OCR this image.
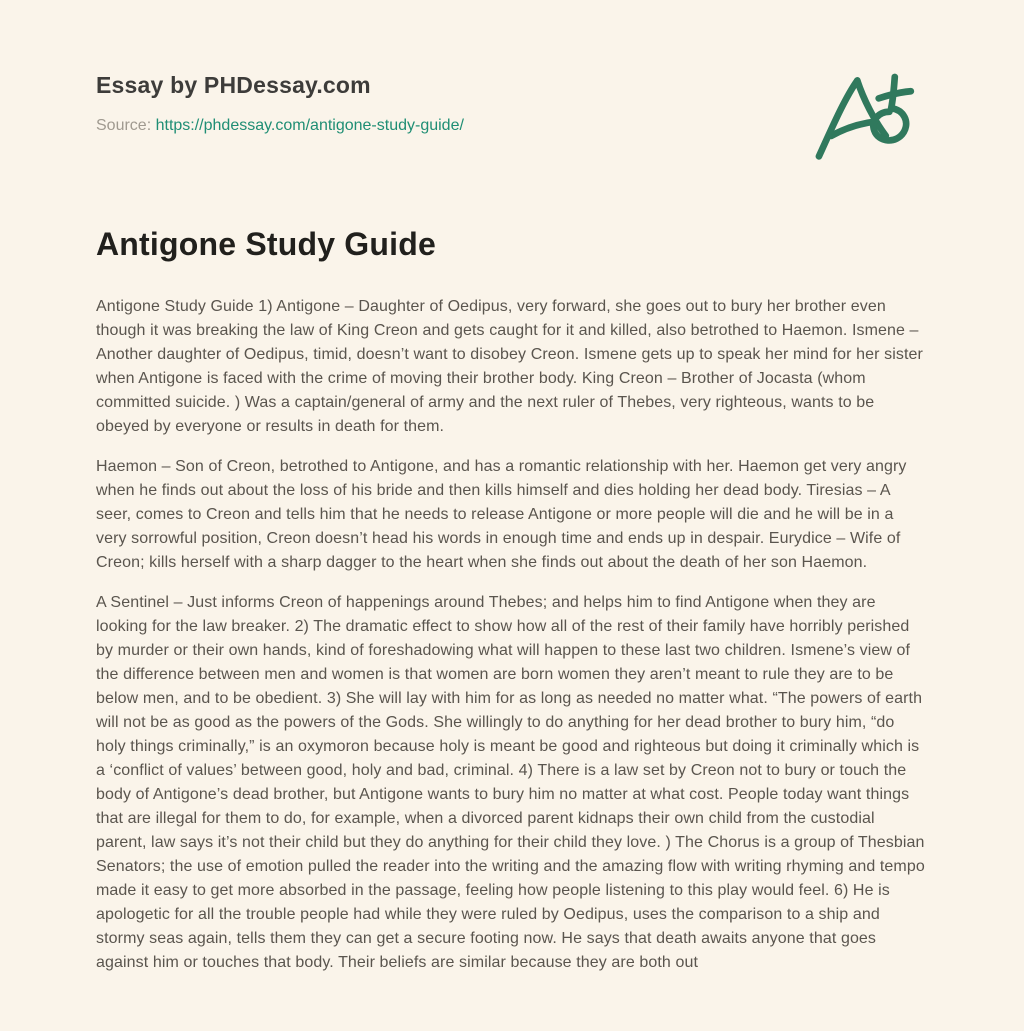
Essay by PHDessay.com
Source: https://phdessay.com/antigone-study-guide/
Antigone Study Guide

Antigone Study Guide 1) Antigone – Daughter of Oedipus, very forward, she goes out to bury her brother even though it was breaking the law of King Creon and gets caught for it and killed, also betrothed to Haemon. Ismene – Another daughter of Oedipus, timid, doesn’t want to disobey Creon. Ismene gets up to speak her mind for her sister when Antigone is faced with the crime of moving their brother body. King Creon – Brother of Jocasta (whom committed suicide. ) Was a captain/general of army and the next ruler of Thebes, very righteous, wants to be obeyed by everyone or results in death for them.

Haemon – Son of Creon, betrothed to Antigone, and has a romantic relationship with her. Haemon get very angry when he finds out about the loss of his bride and then kills himself and dies holding her dead body. Tiresias – A seer, comes to Creon and tells him that he needs to release Antigone or more people will die and he will be in a very sorrowful position, Creon doesn’t head his words in enough time and ends up in despair. Eurydice – Wife of Creon; kills herself with a sharp dagger to the heart when she finds out about the death of her son Haemon.

A Sentinel – Just informs Creon of happenings around Thebes; and helps him to find Antigone when they are looking for the law breaker. 2) The dramatic effect to show how all of the rest of their family have horribly perished by murder or their own hands, kind of foreshadowing what will happen to these last two children. Ismene’s view of the difference between men and women is that women are born women they aren’t meant to rule they are to be below men, and to be obedient. 3) She will lay with him for as long as needed no matter what. “The powers of earth will not be as good as the powers of the Gods. She willingly to do anything for her dead brother to bury him, “do holy things criminally,” is an oxymoron because holy is meant be good and righteous but doing it criminally which is a ‘conflict of values’ between good, holy and bad, criminal. 4) There is a law set by Creon not to bury or touch the body of Antigone’s dead brother, but Antigone wants to bury him no matter at what cost. People today want things that are illegal for them to do, for example, when a divorced parent kidnaps their own child from the custodial parent, law says it’s not their child but they do anything for their child they love. ) The Chorus is a group of Thesbian Senators; the use of emotion pulled the reader into the writing and the amazing flow with writing rhyming and tempo made it easy to get more absorbed in the passage, feeling how people listening to this play would feel. 6) He is apologetic for all the trouble people had while they were ruled by Oedipus, uses the comparison to a ship and stormy seas again, tells them they can get a secure footing now. He says that death awaits anyone that goes against him or touches that body. Their beliefs are similar because they are both out
